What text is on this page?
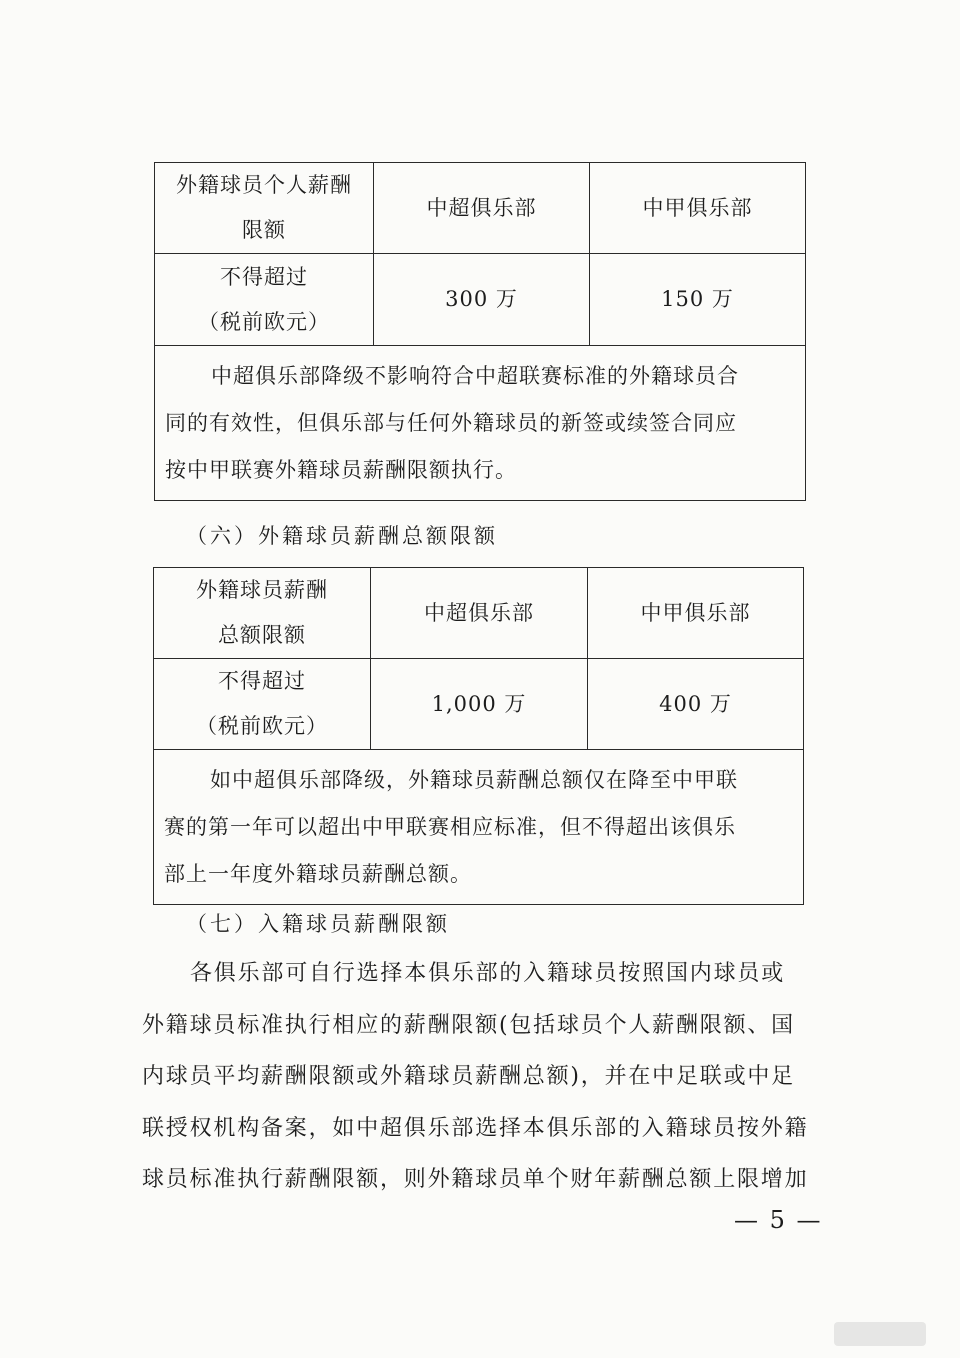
外籍球员个人薪酬
限额	中超俱乐部	中甲俱乐部
不得超过
（税前欧元）	300 万	150 万
中超俱乐部降级不影响符合中超联赛标准的外籍球员合
同的有效性，但俱乐部与任何外籍球员的新签或续签合同应
按中甲联赛外籍球员薪酬限额执行。		

（六）外籍球员薪酬总额限额

外籍球员薪酬
总额限额	中超俱乐部	中甲俱乐部
不得超过
（税前欧元）	1,000 万	400 万
如中超俱乐部降级，外籍球员薪酬总额仅在降至中甲联
赛的第一年可以超出中甲联赛相应标准，但不得超出该俱乐
部上一年度外籍球员薪酬总额。		

（七）入籍球员薪酬限额

各俱乐部可自行选择本俱乐部的入籍球员按照国内球员或
外籍球员标准执行相应的薪酬限额(包括球员个人薪酬限额、国
内球员平均薪酬限额或外籍球员薪酬总额)，并在中足联或中足
联授权机构备案，如中超俱乐部选择本俱乐部的入籍球员按外籍
球员标准执行薪酬限额，则外籍球员单个财年薪酬总额上限增加

— 5 —
